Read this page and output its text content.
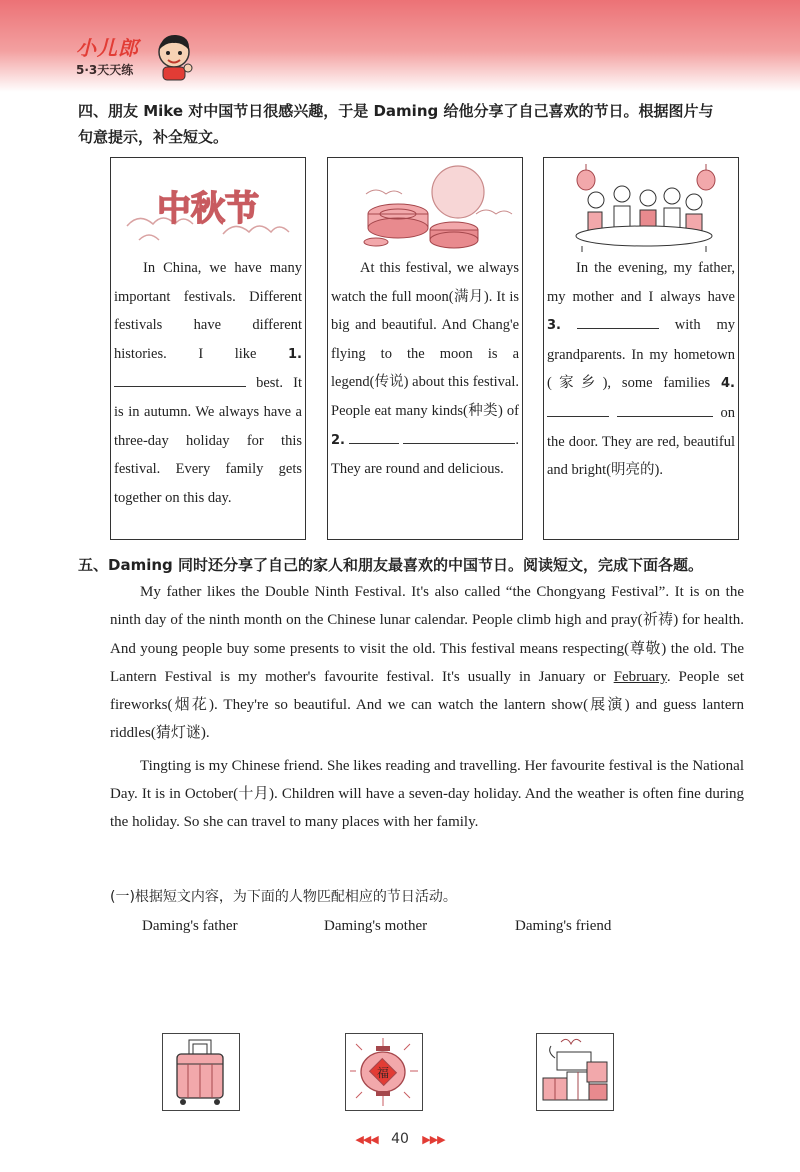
小儿郎
5·3天天练
四、朋友 Mike 对中国节日很感兴趣，于是 Daming 给他分享了自己喜欢的节日。根据图片与
句意提示，补全短文。
中秋节

In China, we have many important festivals. Different festivals have different histories. I like 1.  best. It is in autumn. We always have a three-day holiday for this festival. Every family gets together on this day.

At this festival, we always watch the full moon(满月). It is big and beautiful. And Chang'e flying to the moon is a legend(传说) about this festival. People eat many kinds(种类) of 2.	. They are round and delicious.

In the evening, my father, my mother and I always have 3.	with my grandparents. In my hometown (家乡), some families 4.   on the door. They are red, beautiful and bright(明亮的).

五、Daming 同时还分享了自己的家人和朋友最喜欢的中国节日。阅读短文，完成下面各题。

My father likes the Double Ninth Festival. It's also called “the Chongyang Festival”. It is on the ninth day of the ninth month on the Chinese lunar calendar. People climb high and pray(祈祷) for health. And young people buy some presents to visit the old. This festival means respecting(尊敬) the old. The Lantern Festival is my mother's favourite festival. It's usually in January or February. People set fireworks(烟花). They're so beautiful. And we can watch the lantern show(展演) and guess lantern riddles(猜灯谜).

Tingting is my Chinese friend. She likes reading and travelling. Her favourite festival is the National Day. It is in October(十月). Children will have a seven-day holiday. And the weather is often fine during the holiday. So she can travel to many places with her family.

(一)根据短文内容，为下面的人物匹配相应的节日活动。
Daming's father	Daming's mother	Daming's friend
福
◀◀◀ 40 ▶▶▶
